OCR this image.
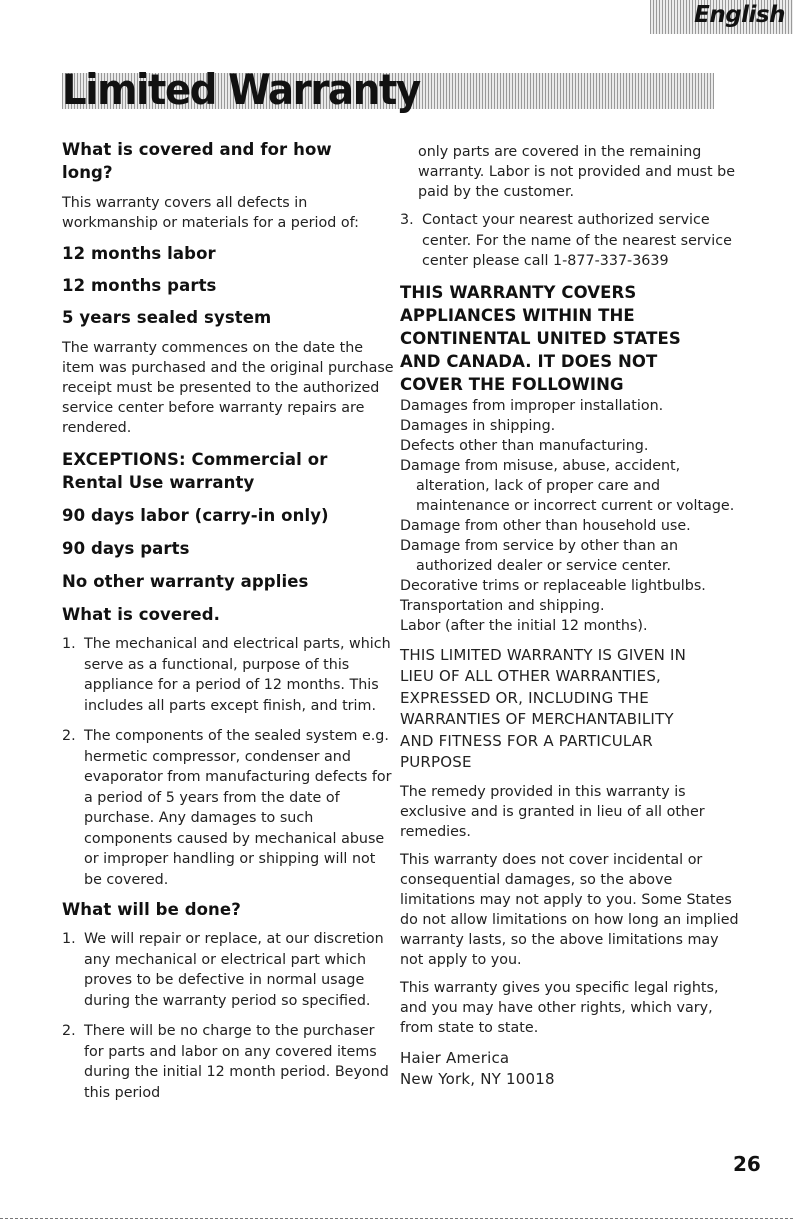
English
Limited Warranty
What is covered and for how long?

This warranty covers all defects in workmanship or materials for a period of:

12 months labor
12 months parts
5 years sealed system

The warranty commences on the date the item was purchased and the original purchase receipt must be presented to the authorized service center before warranty repairs are rendered.

EXCEPTIONS: Commercial or Rental Use warranty
90 days labor (carry-in only)
90 days parts
No other warranty applies
What is covered.
1. The mechanical and electrical parts, which serve as a functional, purpose of this appliance for a period of 12 months. This includes all parts except finish, and trim.
2. The components of the sealed system e.g. hermetic compressor, condenser and evaporator from manufacturing defects for a period of 5 years from the date of purchase. Any damages to such components caused by mechanical abuse or improper handling or shipping will not be covered.
What will be done?
1. We will repair or replace, at our discretion any mechanical or electrical part which proves to be defective in normal usage during the warranty period so specified.
2. There will be no charge to the purchaser for parts and labor on any covered items during the initial 12 month period. Beyond this period

only parts are covered in the remaining warranty. Labor is not provided and must be paid by the customer.

3. Contact your nearest authorized service center. For the name of the nearest service center please call 1-877-337-3639
THIS WARRANTY COVERS APPLIANCES WITHIN THE CONTINENTAL UNITED STATES AND CANADA. IT DOES NOT COVER THE FOLLOWING

Damages from improper installation.

Damages in shipping.

Defects other than manufacturing.

Damage from misuse, abuse, accident, alteration, lack of proper care and maintenance or incorrect current or voltage.

Damage from other than household use.

Damage from service by other than an authorized dealer or service center.

Decorative trims or replaceable lightbulbs.

Transportation and shipping.

Labor (after the initial 12 months).

THIS LIMITED WARRANTY IS GIVEN IN LIEU OF ALL OTHER WARRANTIES, EXPRESSED OR, INCLUDING THE WARRANTIES OF MERCHANTABILITY AND FITNESS FOR A PARTICULAR PURPOSE

The remedy provided in this warranty is exclusive and is granted in lieu of all other remedies.

This warranty does not cover incidental or consequential damages, so the above limitations may not apply to you. Some States do not allow limitations on how long an implied warranty lasts, so the above limitations may not apply to you.

This warranty gives you specific legal rights, and you may have other rights, which vary, from state to state.

Haier America

New York, NY 10018

26
